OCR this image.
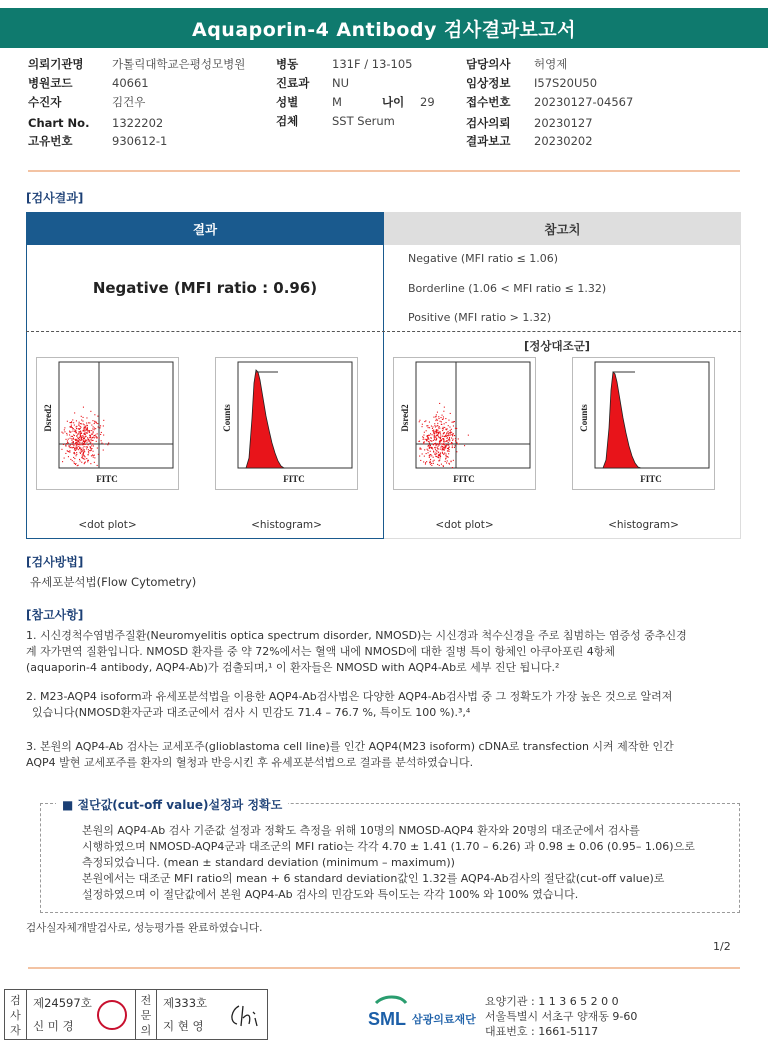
Aquaporin-4 Antibody 검사결과보고서
의뢰기관명 가톨릭대학교은평성모병원
병원코드	40661
수진자	김건우
Chart No. 1322202
고유번호	930612-1
병동	131F / 13-105
진료과 NU
성별	M	나이 29
검체	SST Serum
담당의사 허영제
임상정보 I57S20U50
접수번호 20230127-04567
검사의뢰 20230127
결과보고 20230202
[검사결과]
결과	참고치
Negative (MFI ratio : 0.96)
Negative (MFI ratio ≤ 1.06)
Borderline (1.06 < MFI ratio ≤ 1.32)
Positive (MFI ratio > 1.32)
[정상대조군]
Dsred2
FITC
<dot plot>
Counts
FITC
<histogram>
Dsred2
FITC
<dot plot>
Counts
FITC
<histogram>
[검사방법]
유세포분석법(Flow Cytometry)
[참고사항]
1. 시신경척수염범주질환(Neuromyelitis optica spectrum disorder, NMOSD)는 시신경과 척수신경을 주로 침범하는 염증성 중추신경
계 자가면역 질환입니다. NMOSD 환자를 중 약 72%에서는 혈액 내에 NMOSD에 대한 질병 특이 항체인 아쿠아포린 4항체
(aquaporin-4 antibody, AQP4-Ab)가 검출되며,¹ 이 환자들은 NMOSD with AQP4-Ab로 세부 진단 됩니다.²
2. M23-AQP4 isoform과 유세포분석법을 이용한 AQP4-Ab검사법은 다양한 AQP4-Ab검사법 중 그 정확도가 가장 높은 것으로 알려져
있습니다(NMOSD환자군과 대조군에서 검사 시 민감도 71.4 – 76.7 %, 특이도 100 %).³,⁴
3. 본원의 AQP4-Ab 검사는 교세포주(glioblastoma cell line)를 인간 AQP4(M23 isoform) cDNA로 transfection 시켜 제작한 인간
AQP4 발현 교세포주를 환자의 혈청과 반응시킨 후 유세포분석법으로 결과를 분석하였습니다.
■ 절단값(cut-off value)설정과 정확도
본원의 AQP4-Ab 검사 기준값 설정과 정확도 측정을 위해 10명의 NMOSD-AQP4 환자와 20명의 대조군에서 검사를
시행하였으며 NMOSD-AQP4군과 대조군의 MFI ratio는 각각 4.70 ± 1.41 (1.70 – 6.26) 과 0.98 ± 0.06 (0.95– 1.06)으로
측정되었습니다. (mean ± standard deviation (minimum – maximum))
본원에서는 대조군 MFI ratio의 mean + 6 standard deviation값인 1.32를 AQP4-Ab검사의 절단값(cut-off value)로
설정하였으며 이 절단값에서 본원 AQP4-Ab 검사의 민감도와 특이도는 각각 100% 와 100% 였습니다.
검사실자체개발검사로, 성능평가를 완료하였습니다.
1/2
검
사
자
제24597호
신 미 경
전
문
의
제333호
지 현 영	SML 삼광의료재단
요양기관 : 1 1 3 6 5 2 0 0
서울특별시 서초구 양재동 9-60
대표번호 : 1661-5117
